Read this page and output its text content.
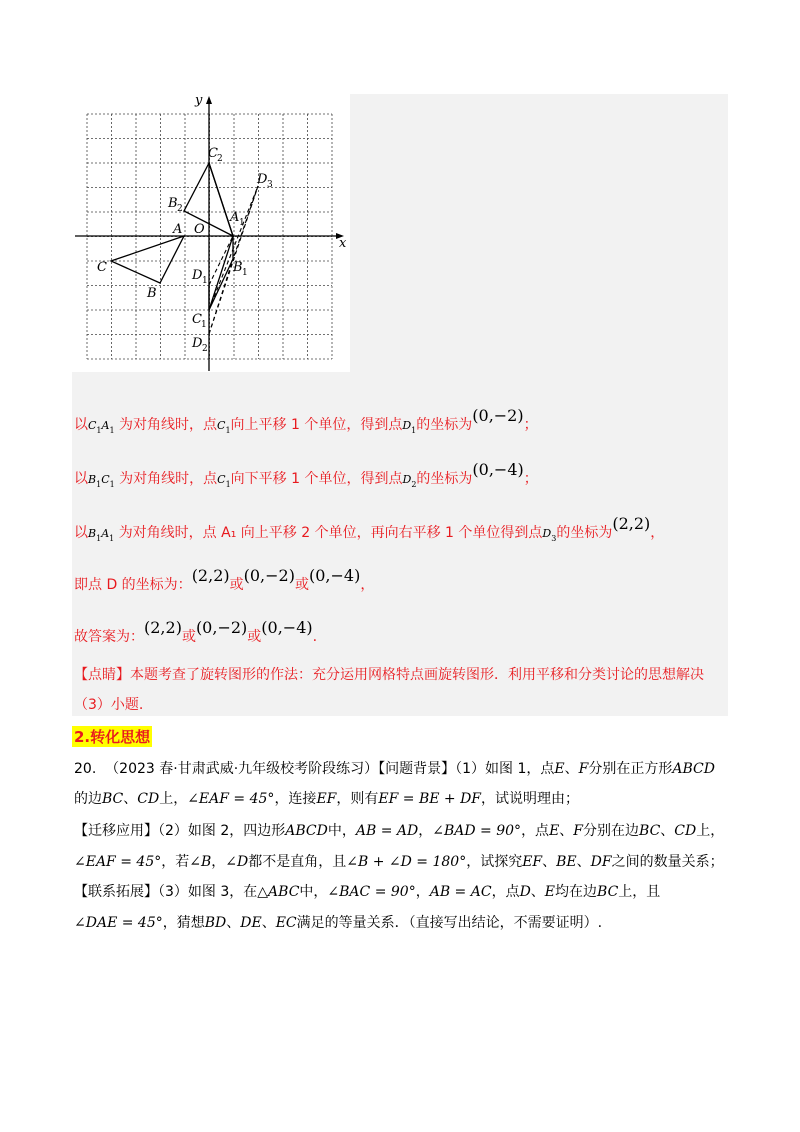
y
x
O
A
B
C
C 2
B 2
A 1
D 3
B 1
D 1
C 1
D 2
以$C_1A_1$ 为对角线时，点$C_1$向上平移 1 个单位，得到点$D_1$的坐标为(0,−2)；
以$B_1C_1$ 为对角线时，点$C_1$向下平移 1 个单位，得到点$D_2$的坐标为(0,−4)；
以$B_1A_1$ 为对角线时，点 A₁ 向上平移 2 个单位，再向右平移 1 个单位得到点$D_3$的坐标为(2,2)，
即点 D 的坐标为：(2,2)或(0,−2)或(0,−4)，
故答案为：(2,2)或(0,−2)或(0,−4).
【点睛】本题考查了旋转图形的作法：充分运用网格特点画旋转图形．利用平移和分类讨论的思想解决
（3）小题.
2.转化思想
20. （2023 春·甘肃武威·九年级校考阶段练习）【问题背景】（1）如图 1，点E、F分别在正方形ABCD
的边BC、CD上，∠EAF = 45°，连接EF，则有EF = BE + DF，试说明理由；
【迁移应用】（2）如图 2，四边形ABCD中，AB = AD，∠BAD = 90°，点E、F分别在边BC、CD上，
∠EAF = 45°，若∠B，∠D都不是直角，且∠B + ∠D = 180°，试探究EF、BE、DF之间的数量关系；
【联系拓展】（3）如图 3，在△ABC中，∠BAC = 90°，AB = AC，点D、E均在边BC上，且
∠DAE = 45°，猜想BD、DE、EC满足的等量关系．（直接写出结论，不需要证明）.
